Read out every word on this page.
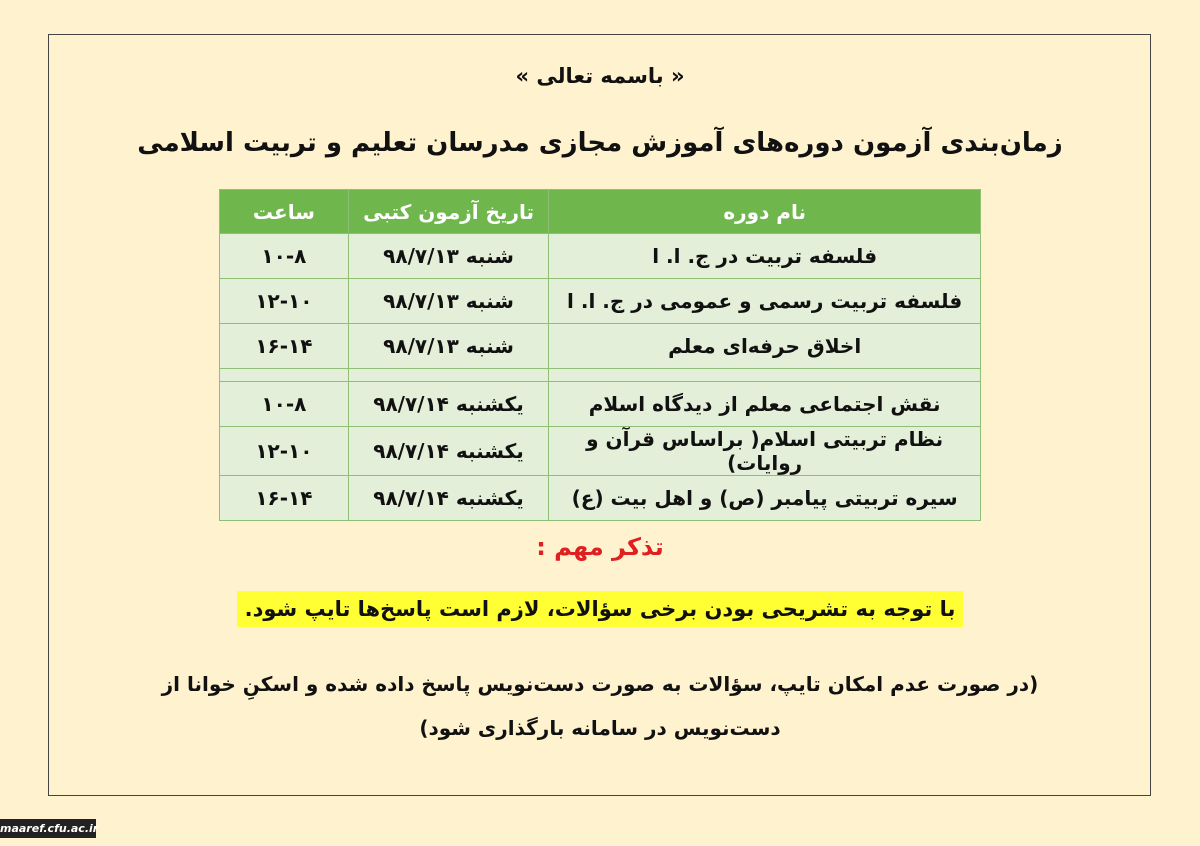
« باسمه تعالی »
زمان‌بندی آزمون دوره‌های آموزش مجازی مدرسان تعلیم و تربیت اسلامی
نام دوره	تاریخ آزمون کتبی	ساعت
فلسفه تربیت در ج. ا. ا	شنبه ۹۸/۷/۱۳	۱۰-۸
فلسفه تربیت رسمی و عمومی در ج. ا. ا	شنبه ۹۸/۷/۱۳	۱۲-۱۰
اخلاق حرفه‌ای معلم	شنبه ۹۸/۷/۱۳	۱۶-۱۴

نقش اجتماعی معلم از دیدگاه اسلام	یکشنبه ۹۸/۷/۱۴	۱۰-۸
نظام تربیتی اسلام( براساس قرآن و روایات)	یکشنبه ۹۸/۷/۱۴	۱۲-۱۰
سیره تربیتی پیامبر (ص) و اهل بیت (ع)	یکشنبه ۹۸/۷/۱۴	۱۶-۱۴
تذکر مهم :
با توجه به تشریحی بودن برخی سؤالات، لازم است پاسخ‌ها تایپ شود.
(در صورت عدم امکان تایپ، سؤالات به صورت دست‌نویس پاسخ داده شده و اسکنِ خوانا از دست‌نویس در سامانه بارگذاری شود)
maaref.cfu.ac.ir
